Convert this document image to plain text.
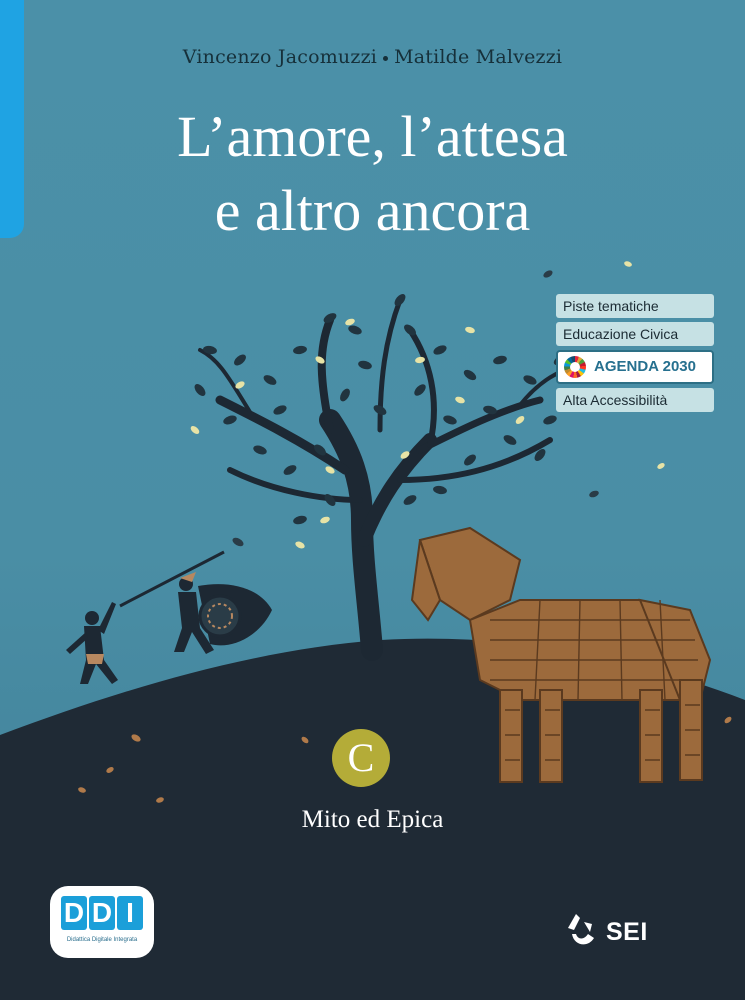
Vincenzo Jacomuzzi Matilde Malvezzi
L’amore, l’attesa
e altro ancora
Piste tematiche
Educazione Civica
AGENDA 2030
Alta Accessibilità
C
Mito ed Epica
D D I
Didattica Digitale Integrata	SEI
